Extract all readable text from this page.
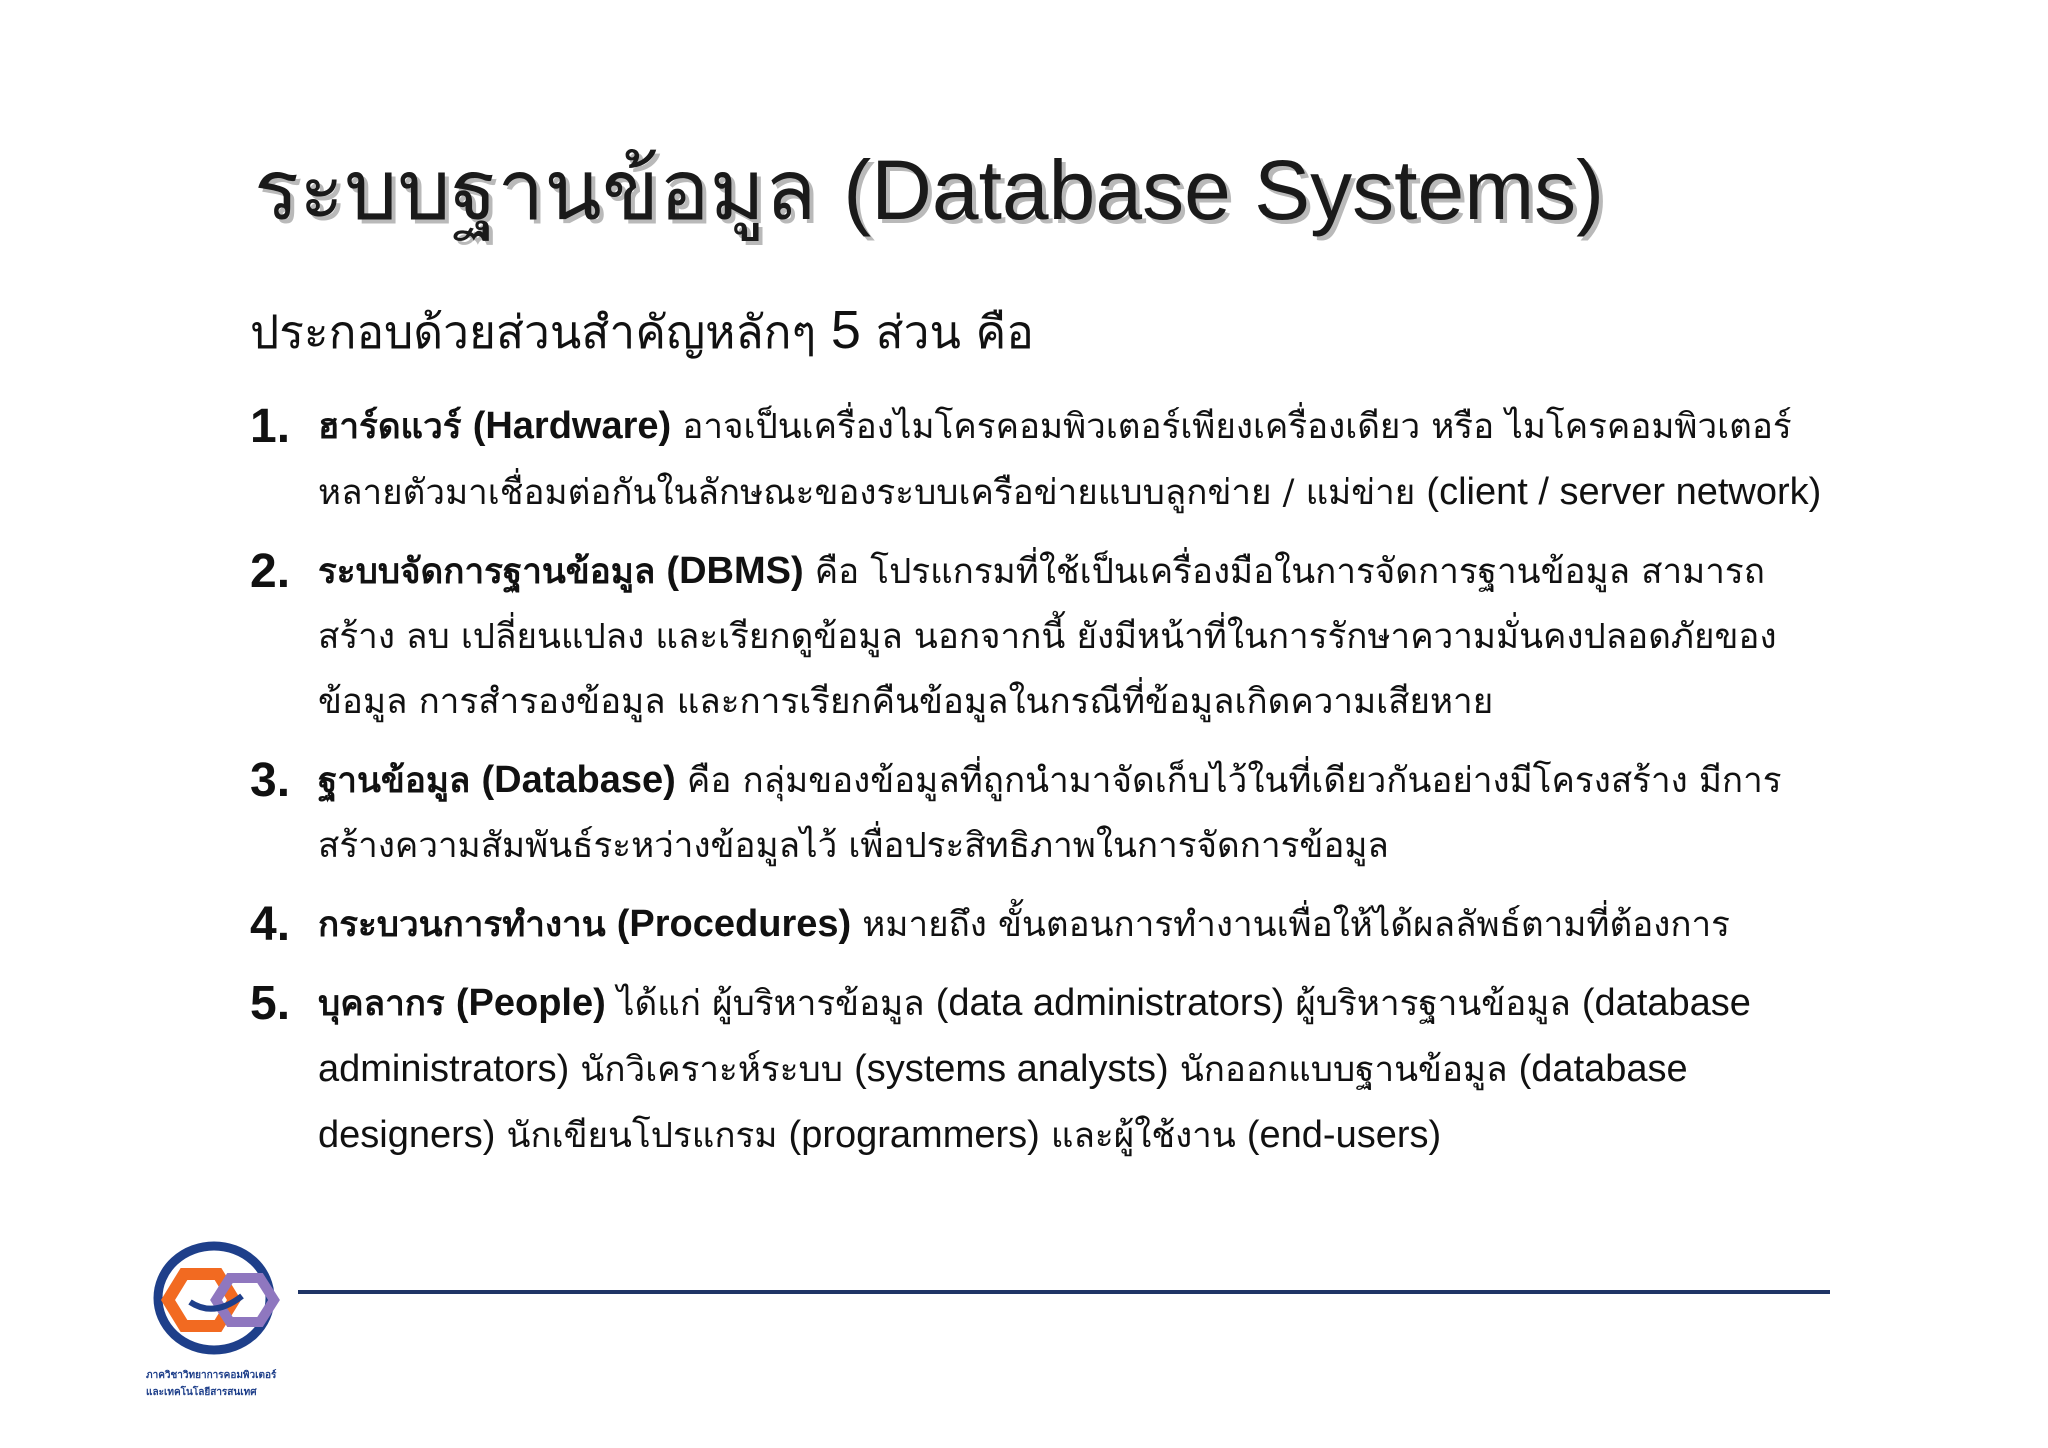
ระบบฐานข้อมูล (Database Systems)
ประกอบด้วยส่วนสำคัญหลักๆ 5 ส่วน คือ
1. ฮาร์ดแวร์ (Hardware) อาจเป็นเครื่องไมโครคอมพิวเตอร์เพียงเครื่องเดียว หรือ ไมโครคอมพิวเตอร์หลายตัวมาเชื่อมต่อกันในลักษณะของระบบเครือข่ายแบบลูกข่าย / แม่ข่าย (client / server network)
2. ระบบจัดการฐานข้อมูล (DBMS) คือ โปรแกรมที่ใช้เป็นเครื่องมือในการจัดการฐานข้อมูล สามารถสร้าง ลบ เปลี่ยนแปลง และเรียกดูข้อมูล นอกจากนี้ ยังมีหน้าที่ในการรักษาความมั่นคงปลอดภัยของข้อมูล การสำรองข้อมูล และการเรียกคืนข้อมูลในกรณีที่ข้อมูลเกิดความเสียหาย
3. ฐานข้อมูล (Database) คือ กลุ่มของข้อมูลที่ถูกนำมาจัดเก็บไว้ในที่เดียวกันอย่างมีโครงสร้าง มีการสร้างความสัมพันธ์ระหว่างข้อมูลไว้ เพื่อประสิทธิภาพในการจัดการข้อมูล
4. กระบวนการทำงาน (Procedures) หมายถึง ขั้นตอนการทำงานเพื่อให้ได้ผลลัพธ์ตามที่ต้องการ
5. บุคลากร (People) ได้แก่ ผู้บริหารข้อมูล (data administrators) ผู้บริหารฐานข้อมูล (database administrators) นักวิเคราะห์ระบบ (systems analysts) นักออกแบบฐานข้อมูล (database designers) นักเขียนโปรแกรม (programmers) และผู้ใช้งาน (end-users)
ภาควิชาวิทยาการคอมพิวเตอร์
และเทคโนโลยีสารสนเทศ
